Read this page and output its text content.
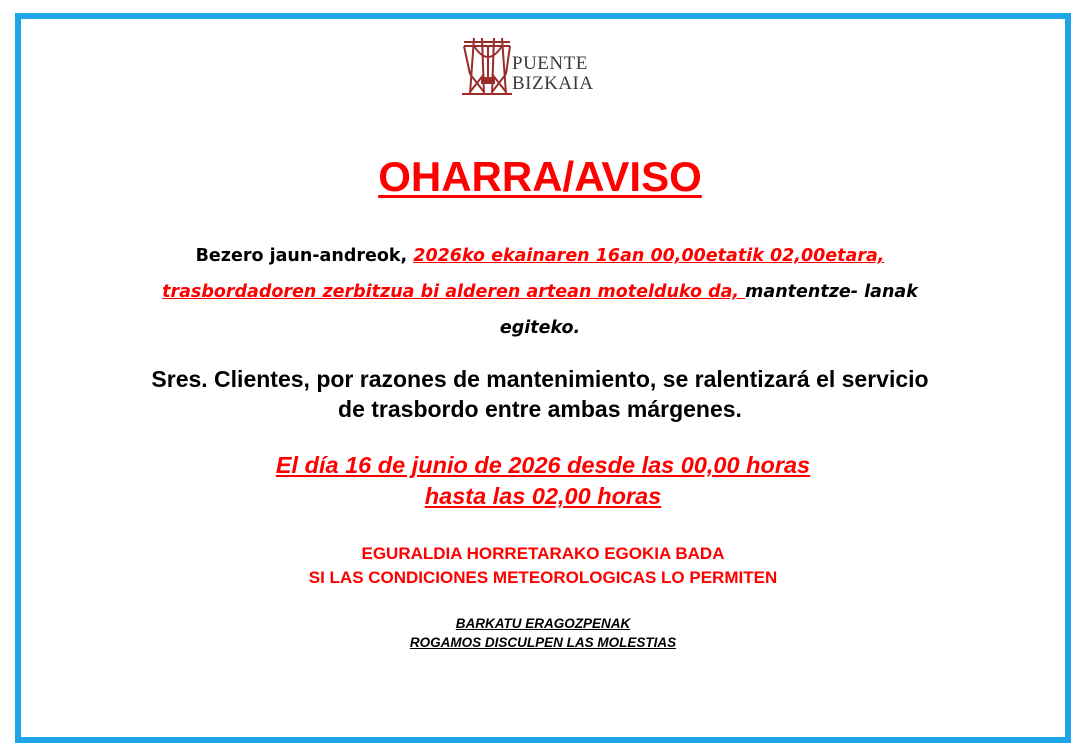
PUENTE
BIZKAIA
OHARRA/AVISO
Bezero jaun-andreok, 2026ko ekainaren 16an 00,00etatik 02,00etara,
trasbordadoren zerbitzua bi alderen artean motelduko da, mantentze- lanak
egiteko.
Sres. Clientes, por razones de mantenimiento, se ralentizará el servicio
de trasbordo entre ambas márgenes.
El día 16 de junio de 2026 desde las 00,00 horas
hasta las 02,00 horas
EGURALDIA HORRETARAKO EGOKIA BADA
SI LAS CONDICIONES METEOROLOGICAS LO PERMITEN
BARKATU ERAGOZPENAK
ROGAMOS DISCULPEN LAS MOLESTIAS
